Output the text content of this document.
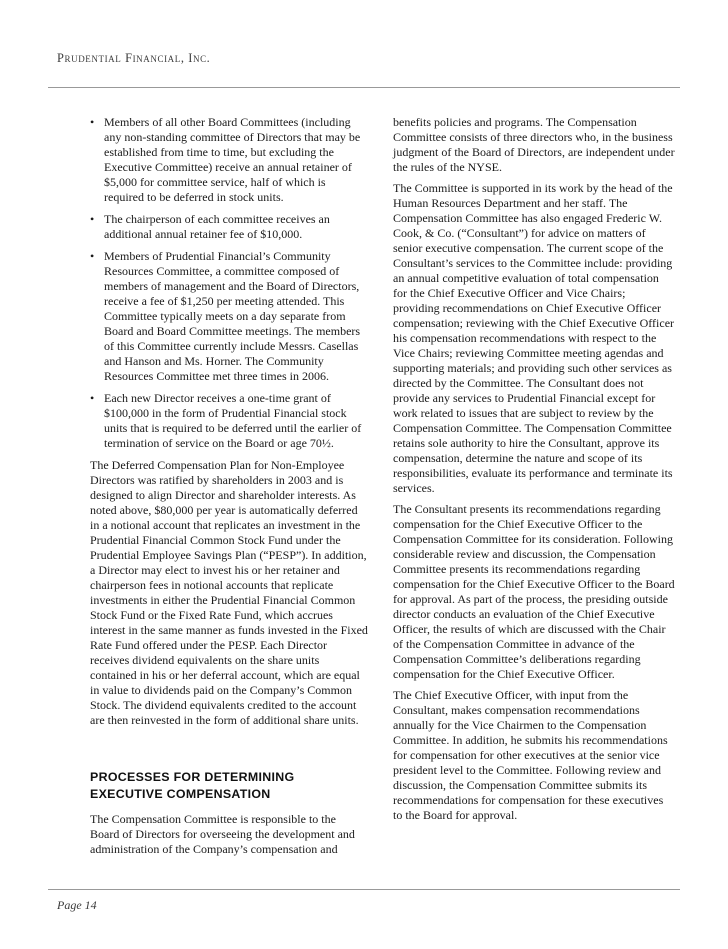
Prudential Financial, Inc.
• Members of all other Board Committees (including any non-standing committee of Directors that may be established from time to time, but excluding the Executive Committee) receive an annual retainer of $5,000 for committee service, half of which is required to be deferred in stock units.
• The chairperson of each committee receives an additional annual retainer fee of $10,000.
• Members of Prudential Financial’s Community Resources Committee, a committee composed of members of management and the Board of Directors, receive a fee of $1,250 per meeting attended. This Committee typically meets on a day separate from Board and Board Committee meetings. The members of this Committee currently include Messrs. Casellas and Hanson and Ms. Horner. The Community Resources Committee met three times in 2006.
• Each new Director receives a one-time grant of $100,000 in the form of Prudential Financial stock units that is required to be deferred until the earlier of termination of service on the Board or age 70½.

The Deferred Compensation Plan for Non-Employee Directors was ratified by shareholders in 2003 and is designed to align Director and shareholder interests. As noted above, $80,000 per year is automatically deferred in a notional account that replicates an investment in the Prudential Financial Common Stock Fund under the Prudential Employee Savings Plan (“PESP”). In addition, a Director may elect to invest his or her retainer and chairperson fees in notional accounts that replicate investments in either the Prudential Financial Common Stock Fund or the Fixed Rate Fund, which accrues interest in the same manner as funds invested in the Fixed Rate Fund offered under the PESP. Each Director receives dividend equivalents on the share units contained in his or her deferral account, which are equal in value to dividends paid on the Company’s Common Stock. The dividend equivalents credited to the account are then reinvested in the form of additional share units.

PROCESSES FOR DETERMINING EXECUTIVE COMPENSATION

The Compensation Committee is responsible to the Board of Directors for overseeing the development and administration of the Company’s compensation and

benefits policies and programs. The Compensation Committee consists of three directors who, in the business judgment of the Board of Directors, are independent under the rules of the NYSE.

The Committee is supported in its work by the head of the Human Resources Department and her staff. The Compensation Committee has also engaged Frederic W. Cook, & Co. (“Consultant”) for advice on matters of senior executive compensation. The current scope of the Consultant’s services to the Committee include: providing an annual competitive evaluation of total compensation for the Chief Executive Officer and Vice Chairs; providing recommendations on Chief Executive Officer compensation; reviewing with the Chief Executive Officer his compensation recommendations with respect to the Vice Chairs; reviewing Committee meeting agendas and supporting materials; and providing such other services as directed by the Committee. The Consultant does not provide any services to Prudential Financial except for work related to issues that are subject to review by the Compensation Committee. The Compensation Committee retains sole authority to hire the Consultant, approve its compensation, determine the nature and scope of its responsibilities, evaluate its performance and terminate its services.

The Consultant presents its recommendations regarding compensation for the Chief Executive Officer to the Compensation Committee for its consideration. Following considerable review and discussion, the Compensation Committee presents its recommendations regarding compensation for the Chief Executive Officer to the Board for approval. As part of the process, the presiding outside director conducts an evaluation of the Chief Executive Officer, the results of which are discussed with the Chair of the Compensation Committee in advance of the Compensation Committee’s deliberations regarding compensation for the Chief Executive Officer.

The Chief Executive Officer, with input from the Consultant, makes compensation recommendations annually for the Vice Chairmen to the Compensation Committee. In addition, he submits his recommendations for compensation for other executives at the senior vice president level to the Committee. Following review and discussion, the Compensation Committee submits its recommendations for compensation for these executives to the Board for approval.

Page 14
